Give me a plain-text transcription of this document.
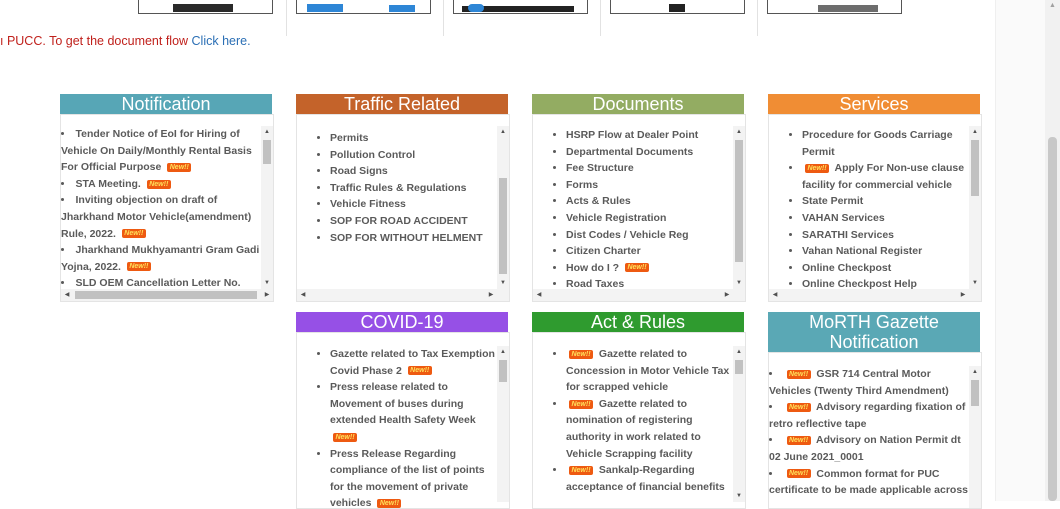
ı PUCC. To get the document flow Click here.
Notification
• Tender Notice of EoI for Hiring of Vehicle On Daily/Monthly Rental Basis For Official Purpose New!!
• STA Meeting. New!!
• Inviting objection on draft of Jharkhand Motor Vehicle(amendment) Rule, 2022. New!!
• Jharkhand Mukhyamantri Gram Gadi Yojna, 2022. New!!
• SLD OEM Cancellation Letter No.
▲
▼
◀	▶
Traffic Related
• Permits
• Pollution Control
• Road Signs
• Traffic Rules & Regulations
• Vehicle Fitness
• SOP FOR ROAD ACCIDENT
• SOP FOR WITHOUT HELMENT
▲
▼
◀	▶
Documents
• HSRP Flow at Dealer Point
• Departmental Documents
• Fee Structure
• Forms
• Acts & Rules
• Vehicle Registration
• Dist Codes / Vehicle Reg
• Citizen Charter
• How do I ? New!!
• Road Taxes
▲
▼
◀	▶
Services
• Procedure for Goods Carriage Permit
• New!! Apply For Non-use clause facility for commercial vehicle
• State Permit
• VAHAN Services
• SARATHI Services
• Vahan National Register
• Online Checkpost
• Online Checkpost Help
▲
▼
◀	▶
COVID-19
• Gazette related to Tax Exemption Covid Phase 2 New!!
• Press release related to Movement of buses during extended Health Safety Week New!!
• Press Release Regarding compliance of the list of points for the movement of private vehicles New!!
▲
Act & Rules
• New!! Gazette related to Concession in Motor Vehicle Tax for scrapped vehicle
• New!! Gazette related to nomination of registering authority in work related to Vehicle Scrapping facility
• New!! Sankalp-Regarding acceptance of financial benefits
▲
▼
MoRTH Gazette
Notification
• New!! GSR 714 Central Motor Vehicles (Twenty Third Amendment)
• New!! Advisory regarding fixation of retro reflective tape
• New!! Advisory on Nation Permit dt 02 June 2021_0001
• New!! Common format for PUC certificate to be made applicable across
▲
▲
